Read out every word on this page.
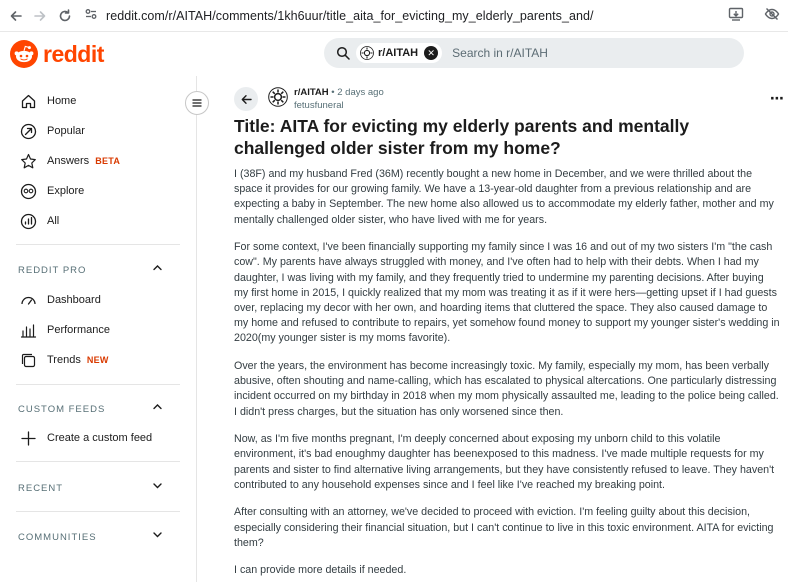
reddit.com/r/AITAH/comments/1kh6uur/title_aita_for_evicting_my_elderly_parents_and/
reddit	r/AITAH	✕
Search in r/AITAH
Home
Popular
Answers BETA
Explore
All
REDDIT PRO
Dashboard
Performance
Trends NEW
CUSTOM FEEDS
Create a custom feed
RECENT
COMMUNITIES
r/AITAH • 2 days ago
fetusfuneral	⋯
Title: AITA for evicting my elderly parents and mentally challenged older sister from my home?

I (38F) and my husband Fred (36M) recently bought a new home in December, and we were thrilled about the space it provides for our growing family. We have a 13-year-old daughter from a previous relationship and are expecting a baby in September. The new home also allowed us to accommodate my elderly father, mother and my mentally challenged older sister, who have lived with me for years.

For some context, I've been financially supporting my family since I was 16 and out of my two sisters I'm "the cash cow". My parents have always struggled with money, and I've often had to help with their debts. When I had my daughter, I was living with my family, and they frequently tried to undermine my parenting decisions. After buying my first home in 2015, I quickly realized that my mom was treating it as if it were hers—getting upset if I had guests over, replacing my decor with her own, and hoarding items that cluttered the space. They also caused damage to my home and refused to contribute to repairs, yet somehow found money to support my younger sister's wedding in 2020(my younger sister is my moms favorite).

Over the years, the environment has become increasingly toxic. My family, especially my mom, has been verbally abusive, often shouting and name-calling, which has escalated to physical altercations. One particularly distressing incident occurred on my birthday in 2018 when my mom physically assaulted me, leading to the police being called. I didn't press charges, but the situation has only worsened since then.

Now, as I'm five months pregnant, I'm deeply concerned about exposing my unborn child to this volatile environment, it's bad enoughmy daughter has beenexposed to this madness. I've made multiple requests for my parents and sister to find alternative living arrangements, but they have consistently refused to leave. They haven't contributed to any household expenses since and I feel like I've reached my breaking point.

After consulting with an attorney, we've decided to proceed with eviction. I'm feeling guilty about this decision, especially considering their financial situation, but I can't continue to live in this toxic environment. AITA for evicting them?

I can provide more details if needed.
